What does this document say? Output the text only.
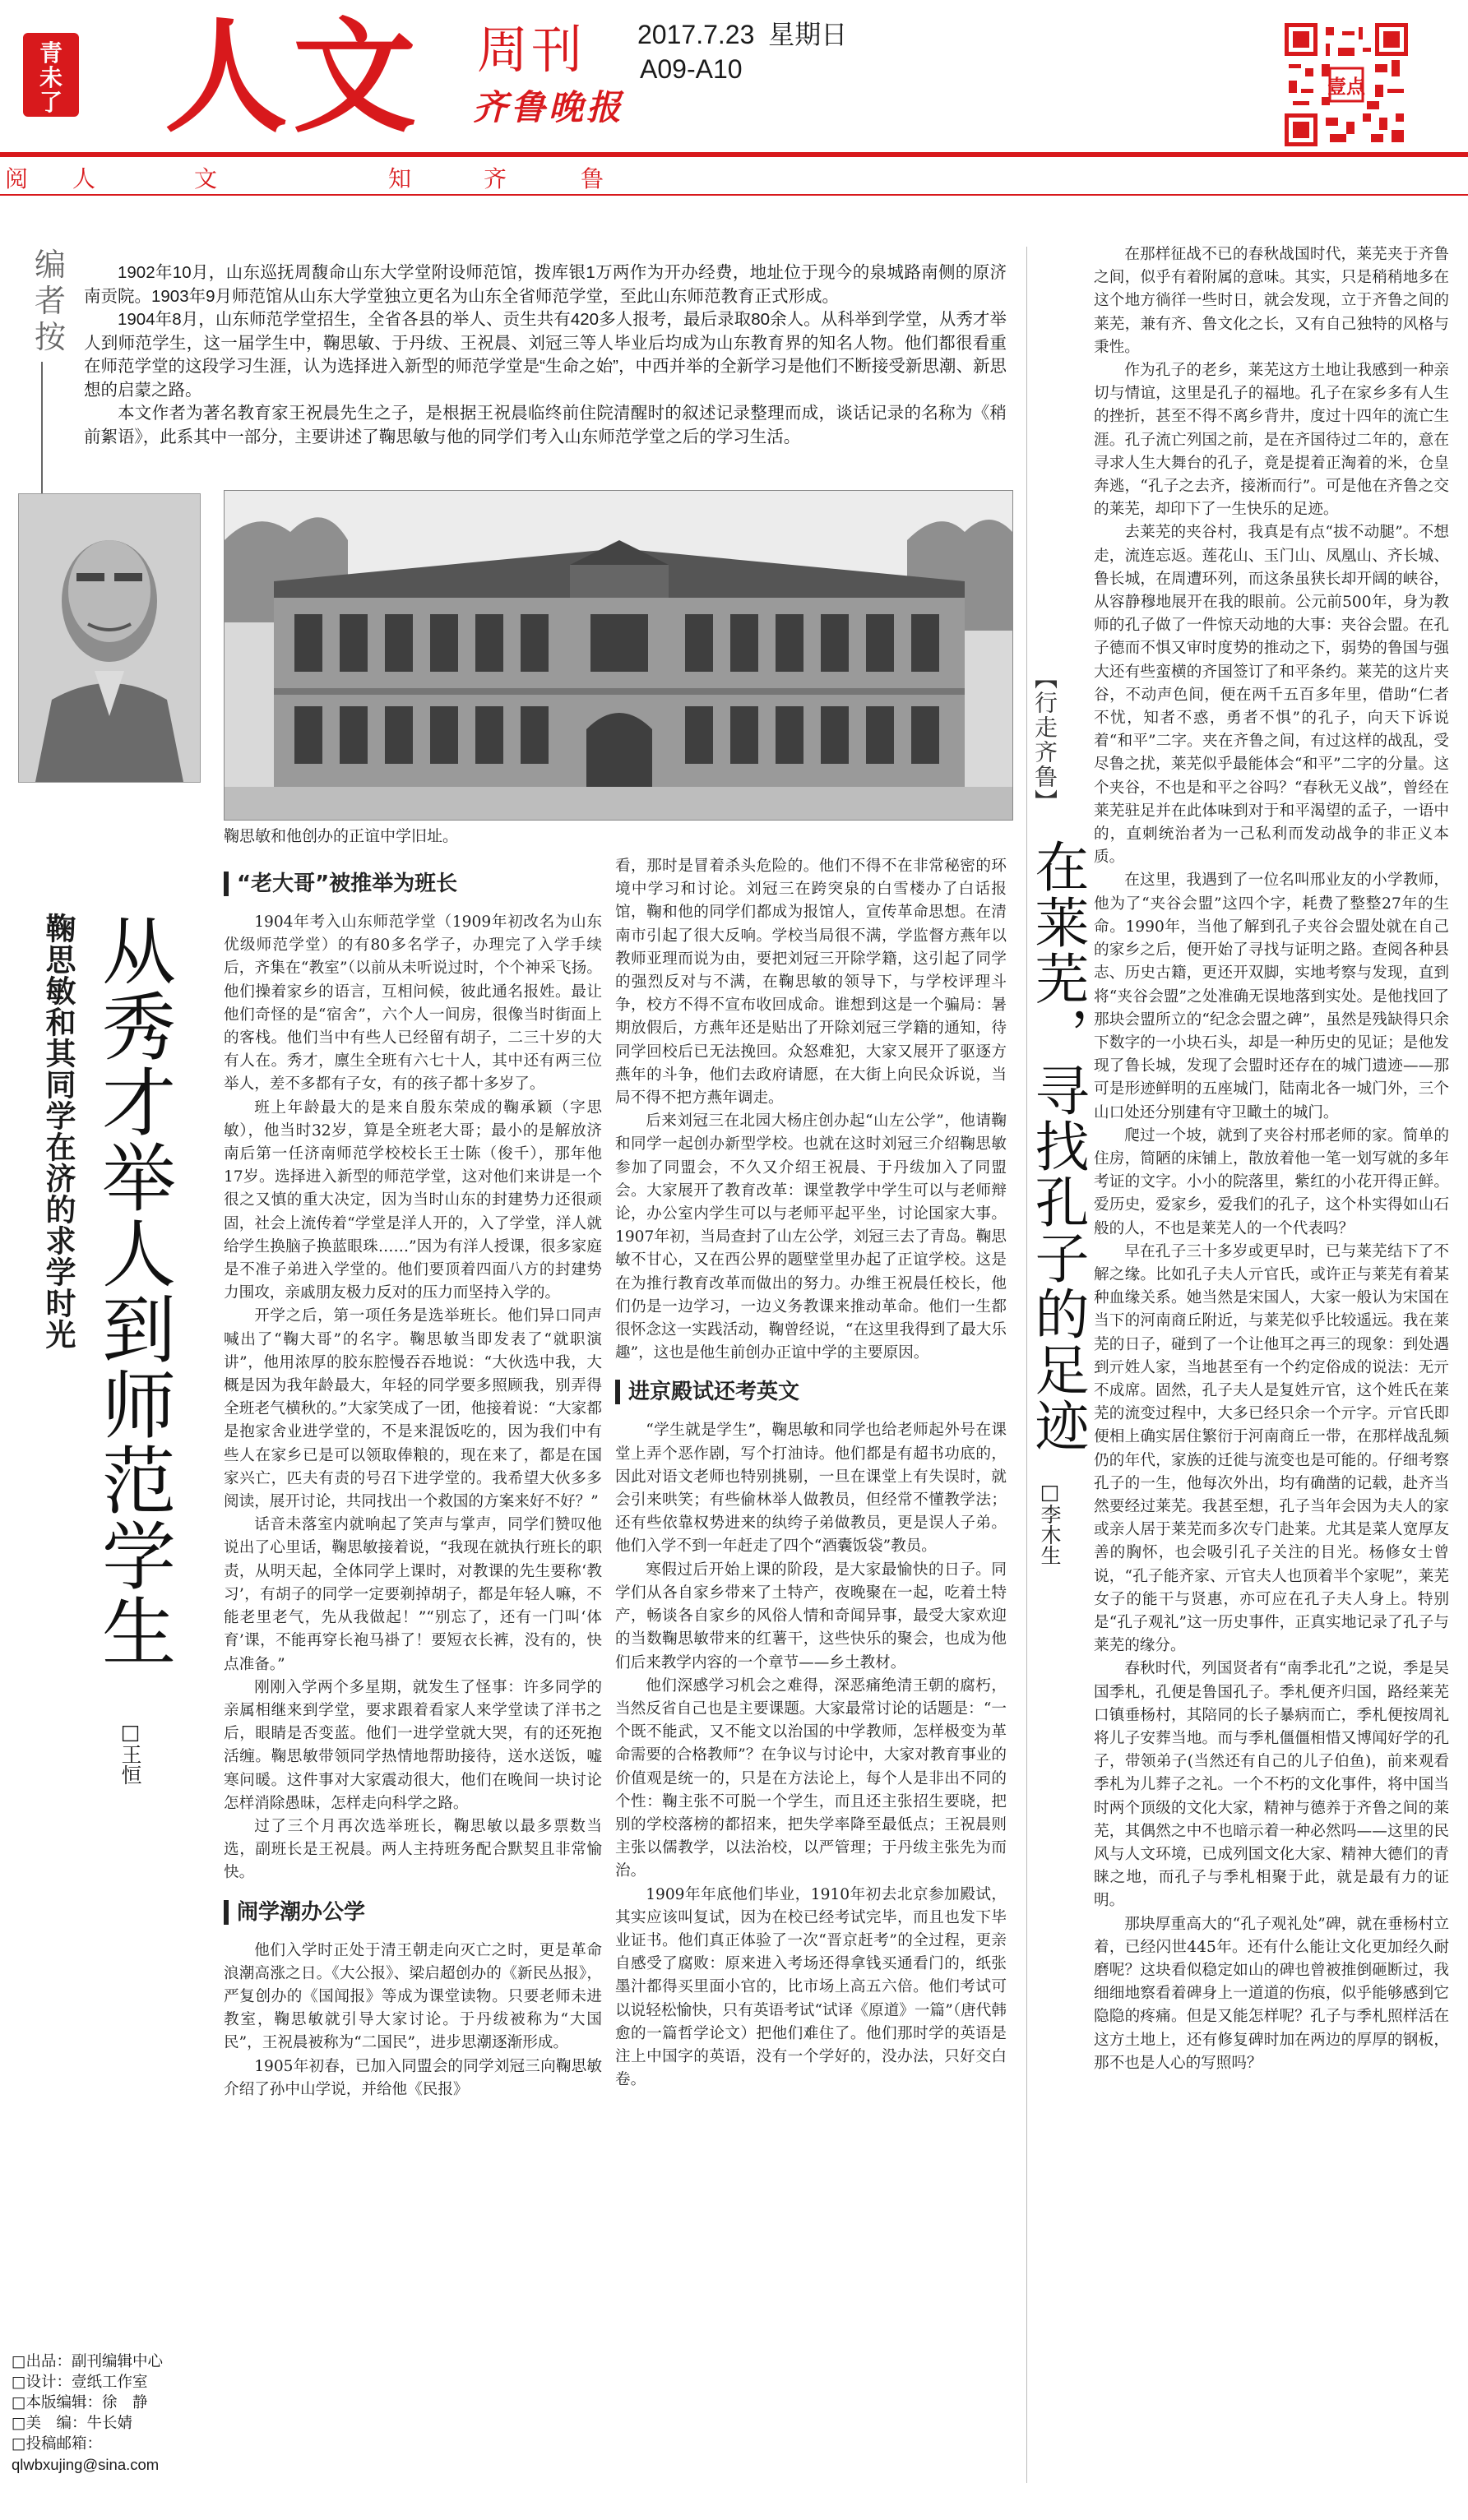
青
未
了 人文 周刊
齐鲁晚报
2017.7.23 星期日
A09-A10
壹点
阅 人	文	知	齐	鲁
编者按

1902年10月，山东巡抚周馥命山东大学堂附设师范馆，拨库银1万两作为开办经费，地址位于现今的泉城路南侧的原济南贡院。1903年9月师范馆从山东大学堂独立更名为山东全省师范学堂，至此山东师范教育正式形成。

1904年8月，山东师范学堂招生，全省各县的举人、贡生共有420多人报考，最后录取80余人。从科举到学堂，从秀才举人到师范学生，这一届学生中，鞠思敏、于丹绂、王祝晨、刘冠三等人毕业后均成为山东教育界的知名人物。他们都很看重在师范学堂的这段学习生涯，认为选择进入新型的师范学堂是“生命之始”，中西并举的全新学习是他们不断接受新思潮、新思想的启蒙之路。

本文作者为著名教育家王祝晨先生之子，是根据王祝晨临终前住院清醒时的叙述记录整理而成，谈话记录的名称为《稍前絮语》，此系其中一部分，主要讲述了鞠思敏与他的同学们考入山东师范学堂之后的学习生活。

鞠思敏和他创办的正谊中学旧址。
从秀才举人到师范学生
鞠思敏和其同学在济的求学时光
□王恒
“老大哥”被推举为班长

1904年考入山东师范学堂（1909年初改名为山东优级师范学堂）的有80多名学子，办理完了入学手续后，齐集在“教室”（以前从未听说过时，个个神采飞扬。他们操着家乡的语言，互相问候，彼此通名报姓。最让他们奇怪的是“宿舍”，六个人一间房，很像当时街面上的客栈。他们当中有些人已经留有胡子，二三十岁的大有人在。秀才，廪生全班有六七十人，其中还有两三位举人，差不多都有子女，有的孩子都十多岁了。

班上年龄最大的是来自殷东荣成的鞠承颖（字思敏），他当时32岁，算是全班老大哥；最小的是解放济南后第一任济南师范学校校长王士陈（俊千），那年他17岁。选择进入新型的师范学堂，这对他们来讲是一个很之又慎的重大决定，因为当时山东的封建势力还很顽固，社会上流传着“学堂是洋人开的，入了学堂，洋人就给学生换脑子换蓝眼珠……”因为有洋人授课，很多家庭是不准子弟进入学堂的。他们要顶着四面八方的封建势力围攻，亲戚朋友极力反对的压力而坚持入学的。

开学之后，第一项任务是选举班长。他们异口同声喊出了“鞠大哥”的名字。鞠思敏当即发表了“就职演讲”，他用浓厚的胶东腔慢吞吞地说：“大伙选中我，大概是因为我年龄最大，年轻的同学要多照顾我，别弄得全班老气横秋的。”大家笑成了一团，他接着说：“大家都是抱家舍业进学堂的，不是来混饭吃的，因为我们中有些人在家乡已是可以领取俸粮的，现在来了，都是在国家兴亡，匹夫有责的号召下进学堂的。我希望大伙多多阅读，展开讨论，共同找出一个救国的方案来好不好？”

话音未落室内就响起了笑声与掌声，同学们赞叹他说出了心里话，鞠思敏接着说，“我现在就执行班长的职责，从明天起，全体同学上课时，对教课的先生要称‘教习’，有胡子的同学一定要剃掉胡子，都是年轻人嘛，不能老里老气，先从我做起！”“别忘了，还有一门叫‘体育’课，不能再穿长袍马褂了！要短衣长裤，没有的，快点准备。”

刚刚入学两个多星期，就发生了怪事：许多同学的亲属相继来到学堂，要求跟着看家人来学堂读了洋书之后，眼睛是否变蓝。他们一进学堂就大哭，有的还死抱活缠。鞠思敏带领同学热情地帮助接待，送水送饭，嘘寒问暖。这件事对大家震动很大，他们在晚间一块讨论怎样消除愚昧，怎样走向科学之路。

过了三个月再次选举班长，鞠思敏以最多票数当选，副班长是王祝晨。两人主持班务配合默契且非常愉快。

闹学潮办公学

他们入学时正处于清王朝走向灭亡之时，更是革命浪潮高涨之日。《大公报》、梁启超创办的《新民丛报》，严复创办的《国闻报》等成为课堂读物。只要老师未进教室，鞠思敏就引导大家讨论。于丹绂被称为“大国民”，王祝晨被称为“二国民”，进步思潮逐渐形成。

1905年初春，已加入同盟会的同学刘冠三向鞠思敏介绍了孙中山学说，并给他《民报》

看，那时是冒着杀头危险的。他们不得不在非常秘密的环境中学习和讨论。刘冠三在跨突泉的白雪楼办了白话报馆，鞠和他的同学们都成为报馆人，宣传革命思想。在清南市引起了很大反响。学校当局很不满，学监督方燕年以教师亚理而说为由，要把刘冠三开除学籍，这引起了同学的强烈反对与不满，在鞠思敏的领导下，与学校评理斗争，校方不得不宣布收回成命。谁想到这是一个骗局：暑期放假后，方燕年还是贴出了开除刘冠三学籍的通知，待同学回校后已无法挽回。众怒难犯，大家又展开了驱逐方燕年的斗争，他们去政府请愿，在大街上向民众诉说，当局不得不把方燕年调走。

后来刘冠三在北园大杨庄创办起“山左公学”，他请鞠和同学一起创办新型学校。也就在这时刘冠三介绍鞠思敏参加了同盟会，不久又介绍王祝晨、于丹绂加入了同盟会。大家展开了教育改革：课堂教学中学生可以与老师辩论，办公室内学生可以与老师平起平坐，讨论国家大事。1907年初，当局查封了山左公学，刘冠三去了青岛。鞠思敏不甘心，又在西公界的题壁堂里办起了正谊学校。这是在为推行教育改革而做出的努力。办维王祝晨任校长，他们仍是一边学习，一边义务教课来推动革命。他们一生都很怀念这一实践活动，鞠曾经说，“在这里我得到了最大乐趣”，这也是他生前创办正谊中学的主要原因。

进京殿试还考英文

“学生就是学生”，鞠思敏和同学也给老师起外号在课堂上弄个恶作剧，写个打油诗。他们都是有超书功底的，因此对语文老师也特别挑剔，一旦在课堂上有失误时，就会引来哄笑；有些偷林举人做教员，但经常不懂教学法；还有些依靠权势进来的纨绔子弟做教员，更是误人子弟。他们入学不到一年赶走了四个“酒囊饭袋”教员。

寒假过后开始上课的阶段，是大家最愉快的日子。同学们从各自家乡带来了土特产，夜晚聚在一起，吃着土特产，畅谈各自家乡的风俗人情和奇闻异事，最受大家欢迎的当数鞠思敏带来的红薯干，这些快乐的聚会，也成为他们后来教学内容的一个章节——乡土教材。

他们深感学习机会之难得，深恶痛绝清王朝的腐朽，当然反省自己也是主要课题。大家最常讨论的话题是：“一个既不能武，又不能文以治国的中学教师，怎样极变为革命需要的合格教师”？在争议与讨论中，大家对教育事业的价值观是统一的，只是在方法论上，每个人是非出不同的个性：鞠主张不可脱一个学生，而且还主张招生要晓，把别的学校落榜的都招来，把失学率降至最低点；王祝晨则主张以儒教学，以法治校，以严管理；于丹绂主张先为而治。

1909年年底他们毕业，1910年初去北京参加殿试，其实应该叫复试，因为在校已经考试完毕，而且也发下毕业证书。他们真正体验了一次“晋京赶考”的全过程，更亲自感受了腐败：原来进入考场还得拿钱买通看门的，纸张墨汁都得买里面小官的，比市场上高五六倍。他们考试可以说轻松愉快，只有英语考试“试译《原道》一篇”（唐代韩愈的一篇哲学论文）把他们难住了。他们那时学的英语是注上中国字的英语，没有一个学好的，没办法，只好交白卷。

□出品：副刊编辑中心
□设计：壹纸工作室
□本版编辑：徐　静
□美　编：牛长婧
□投稿邮箱：
qlwbxujing@sina.com
【行走齐鲁】
在莱芜，寻找孔子的足迹
□李木生

在那样征战不已的春秋战国时代，莱芜夹于齐鲁之间，似乎有着附属的意味。其实，只是稍稍地多在这个地方徜徉一些时日，就会发现，立于齐鲁之间的莱芜，兼有齐、鲁文化之长，又有自己独特的风格与秉性。

作为孔子的老乡，莱芜这方土地让我感到一种亲切与情谊，这里是孔子的福地。孔子在家乡多有人生的挫折，甚至不得不离乡背井，度过十四年的流亡生涯。孔子流亡列国之前，是在齐国待过二年的，意在寻求人生大舞台的孔子，竟是提着正淘着的米，仓皇奔逃，“孔子之去齐，接淅而行”。可是他在齐鲁之交的莱芜，却印下了一生快乐的足迹。

去莱芜的夹谷村，我真是有点“拔不动腿”。不想走，流连忘返。莲花山、玉门山、凤凰山、齐长城、鲁长城，在周遭环列，而这条虽狭长却开阔的峡谷，从容静穆地展开在我的眼前。公元前500年，身为教师的孔子做了一件惊天动地的大事：夹谷会盟。在孔子德而不惧又审时度势的推动之下，弱势的鲁国与强大还有些蛮横的齐国签订了和平条约。莱芜的这片夹谷，不动声色间，便在两千五百多年里，借助“仁者不忧，知者不惑，勇者不惧”的孔子，向天下诉说着“和平”二字。夹在齐鲁之间，有过这样的战乱，受尽鲁之扰，莱芜似乎最能体会“和平”二字的分量。这个夹谷，不也是和平之谷吗？“春秋无义战”，曾经在莱芜驻足并在此体味到对于和平渴望的孟子，一语中的，直刺统治者为一己私利而发动战争的非正义本质。

在这里，我遇到了一位名叫邢业友的小学教师，他为了“夹谷会盟”这四个字，耗费了整整27年的生命。1990年，当他了解到孔子夹谷会盟处就在自己的家乡之后，便开始了寻找与证明之路。查阅各种县志、历史古籍，更还开双脚，实地考察与发现，直到将“夹谷会盟”之处准确无误地落到实处。是他找回了那块会盟所立的“纪念会盟之碑”，虽然是残缺得只余下数字的一小块石头，却是一种历史的见证；是他发现了鲁长城，发现了会盟时还存在的城门遗迹——那可是形迹鲜明的五座城门，陆南北各一城门外，三个山口处还分别建有守卫瞰土的城门。

爬过一个坡，就到了夹谷村邢老师的家。简单的住房，简陋的床铺上，散放着他一笔一划写就的多年考证的文字。小小的院落里，紫红的小花开得正鲜。爱历史，爱家乡，爱我们的孔子，这个朴实得如山石般的人，不也是莱芜人的一个代表吗？

早在孔子三十多岁或更早时，已与莱芜结下了不解之缘。比如孔子夫人亓官氏，或许正与莱芜有着某种血缘关系。她当然是宋国人，大家一般认为宋国在当下的河南商丘附近，与莱芜似乎比较遥远。我在莱芜的日子，碰到了一个让他耳之再三的现象：到处遇到亓姓人家，当地甚至有一个约定俗成的说法：无亓不成席。固然，孔子夫人是复姓亓官，这个姓氏在莱芜的流变过程中，大多已经只余一个亓字。亓官氏即便相上确实居住繁衍于河南商丘一带，在那样战乱频仍的年代，家族的迁徙与流变也是可能的。仔细考察孔子的一生，他每次外出，均有确凿的记载，赴齐当然要经过莱芜。我甚至想，孔子当年会因为夫人的家或亲人居于莱芜而多次专门赴莱。尤其是菜人宽厚友善的胸怀，也会吸引孔子关注的目光。杨修女士曾说，“孔子能齐家、亓官夫人也顶着半个家呢”，莱芜女子的能干与贤惠，亦可应在孔子夫人身上。特别是“孔子观礼”这一历史事件，正真实地记录了孔子与莱芜的缘分。

春秋时代，列国贤者有“南季北孔”之说，季是吴国季札，孔便是鲁国孔子。季札便齐归国，路经莱芜口镇垂杨村，其陪同的长子暴病而亡，季札便按周礼将儿子安葬当地。而与季札僵僵相惜又博闻好学的孔子，带领弟子(当然还有自己的儿子伯鱼)，前来观看季札为儿葬子之礼。一个不朽的文化事件，将中国当时两个顶级的文化大家，精神与德养于齐鲁之间的莱芜，其偶然之中不也暗示着一种必然吗——这里的民风与人文环境，已成列国文化大家、精神大德们的青睐之地，而孔子与季札相聚于此，就是最有力的证明。

那块厚重高大的“孔子观礼处”碑，就在垂杨村立着，已经闪世445年。还有什么能让文化更加经久耐磨呢？这块看似稳定如山的碑也曾被推倒砸断过，我细细地察看着碑身上一道道的伤痕，似乎能够感到它隐隐的疼痛。但是又能怎样呢？孔子与季札照样活在这方土地上，还有修复碑时加在两边的厚厚的钢板，那不也是人心的写照吗？
